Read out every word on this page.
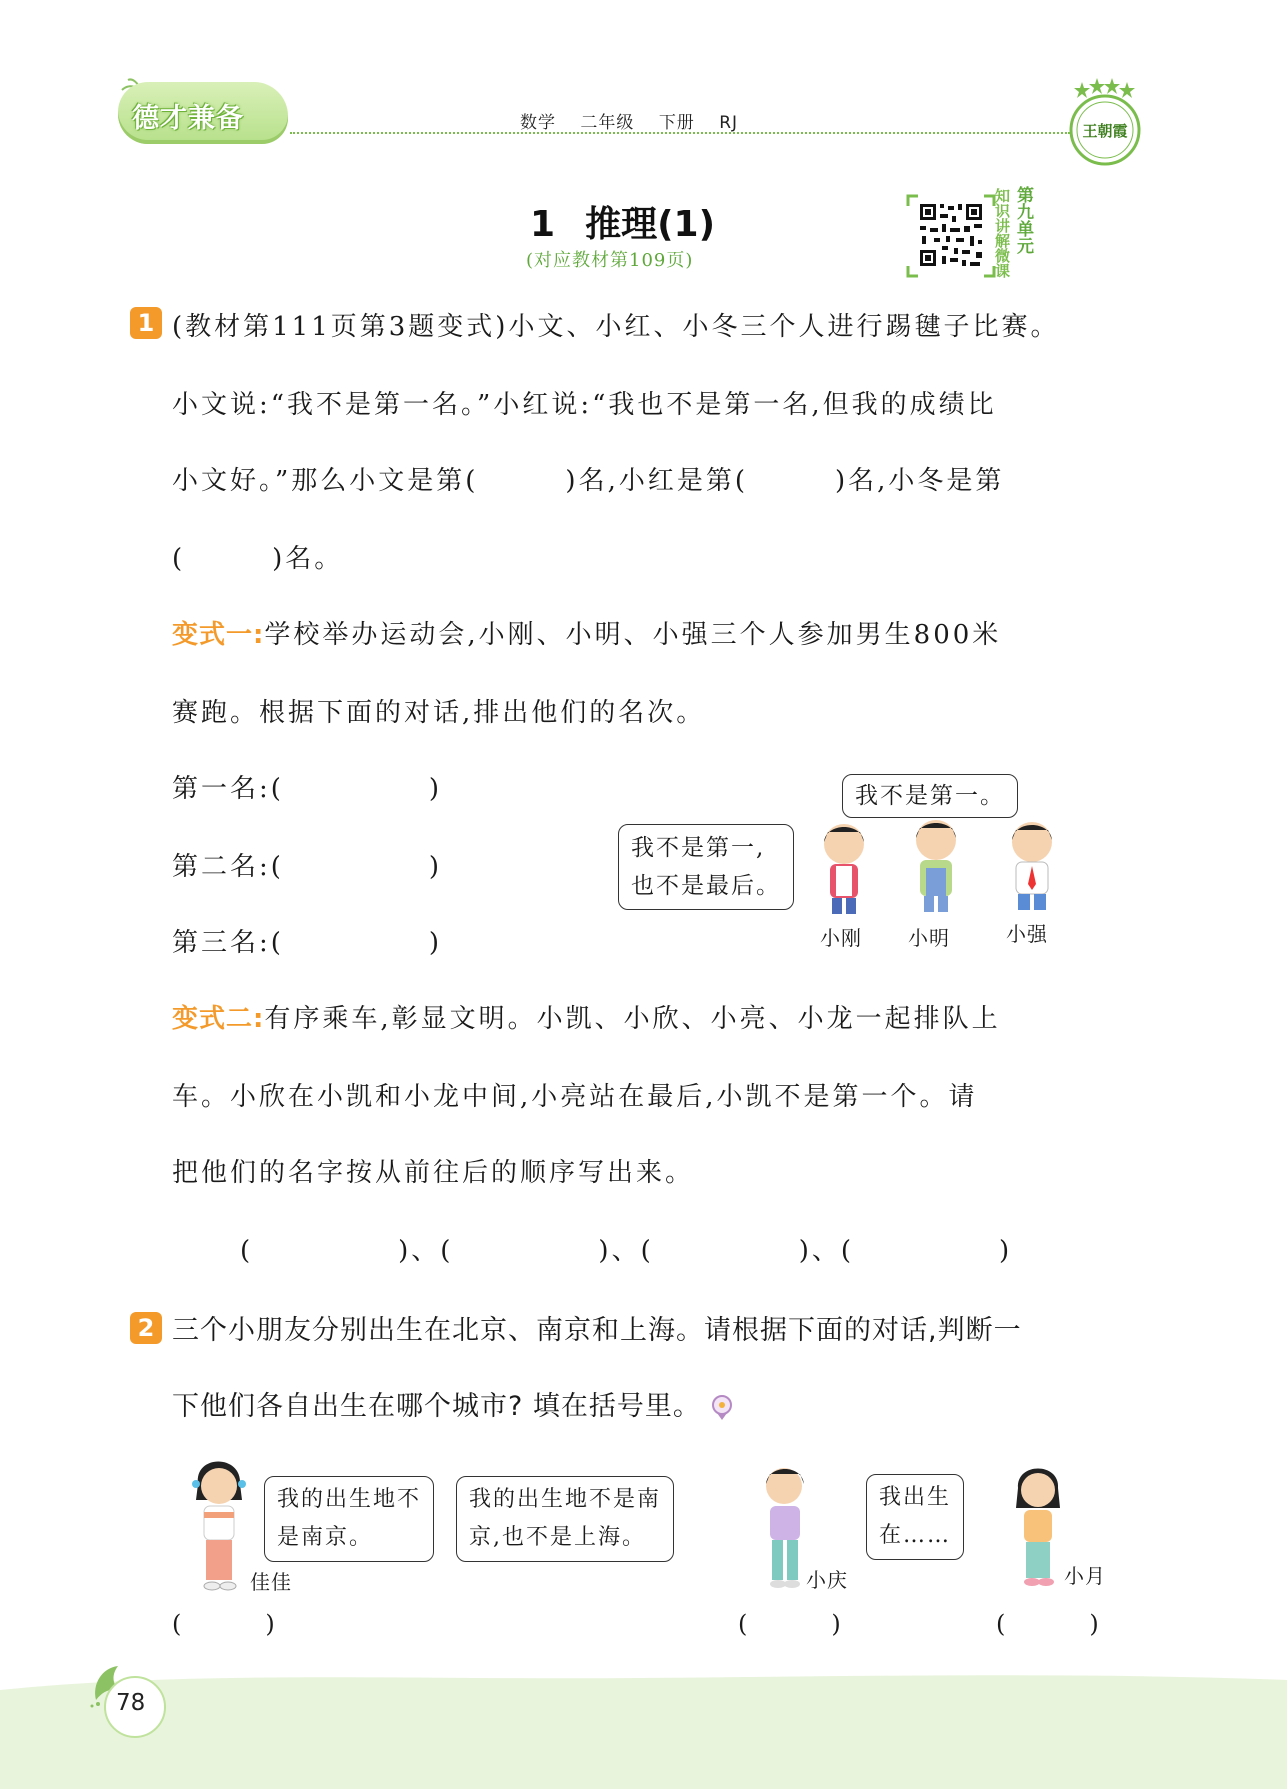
德才兼备	数学 二年级 下册 RJ	王朝霞
1 推理(1)
(对应教材第109页)	知识讲解微课 第九单元
1 (教材第111页第3题变式)小文、小红、小冬三个人进行踢毽子比赛。
小文说:“我不是第一名。”小红说:“我也不是第一名,但我的成绩比
小文好。”那么小文是第(　　　)名,小红是第(　　　)名,小冬是第
(　　　)名。
变式一:学校举办运动会,小刚、小明、小强三个人参加男生800米
赛跑。根据下面的对话,排出他们的名次。
第一名:(　　　　　)
第二名:(　　　　　)
第三名:(　　　　　)
我不是第一。
我不是第一,
也不是最后。
小刚 小明	小强
变式二:有序乘车,彰显文明。小凯、小欣、小亮、小龙一起排队上
车。小欣在小凯和小龙中间,小亮站在最后,小凯不是第一个。请
把他们的名字按从前往后的顺序写出来。
(　　　　　)、(　　　　　)、(　　　　　)、(　　　　　)
2 三个小朋友分别出生在北京、南京和上海。请根据下面的对话,判断一
下他们各自出生在哪个城市? 填在括号里。
我的出生地不
是南京。
我的出生地不是南
京,也不是上海。
我出生
在……
佳佳	小庆	小月
(　　　)	(　　　)	(　　　)
78
